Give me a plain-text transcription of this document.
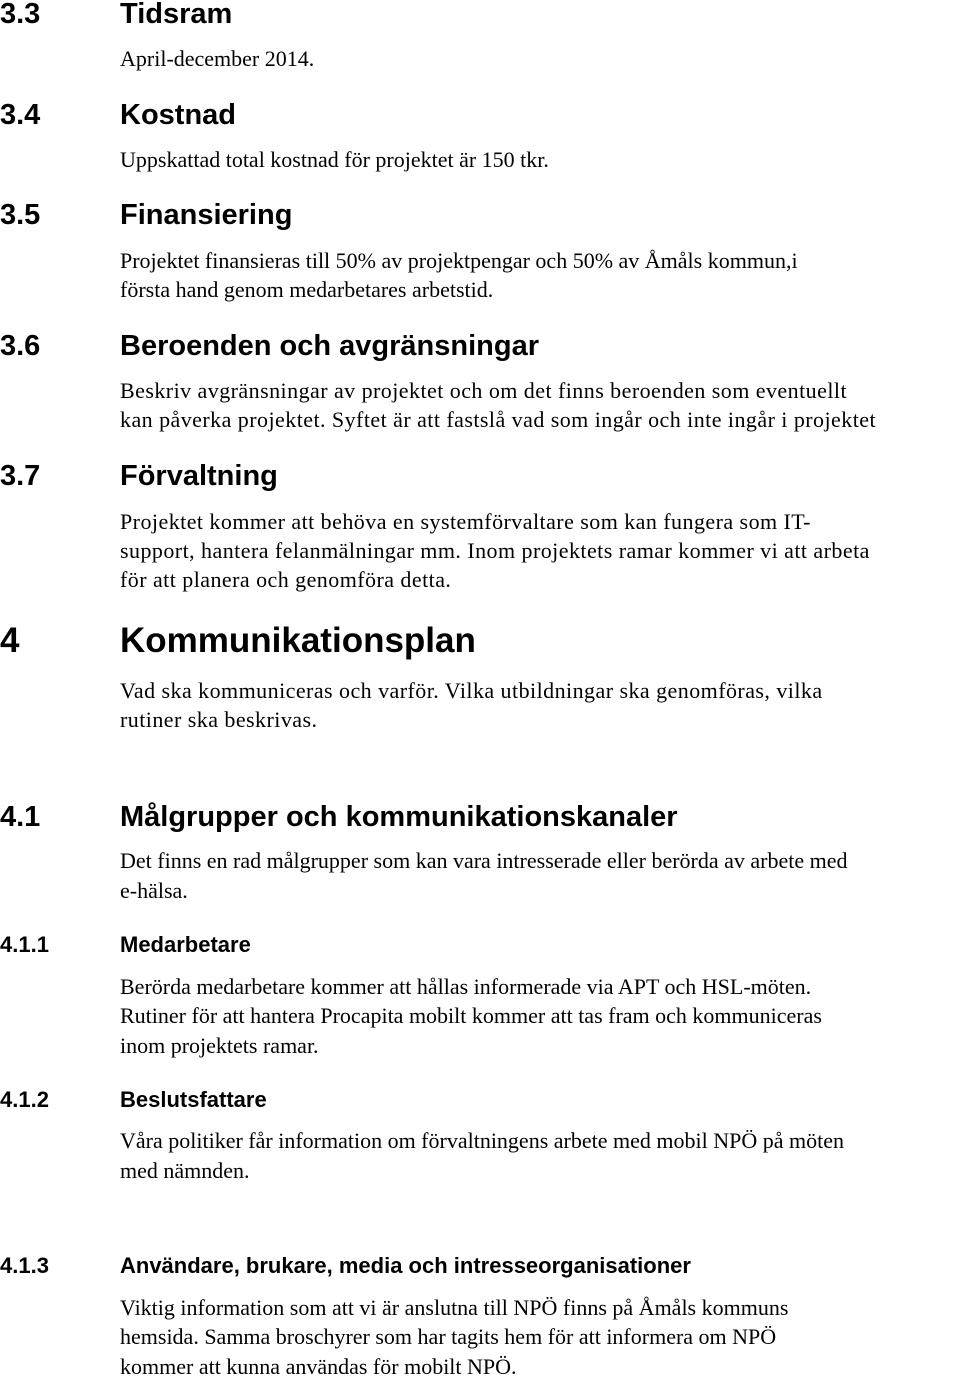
3.3	Tidsram

April-december 2014.

3.4	Kostnad

Uppskattad total kostnad för projektet är 150 tkr.

3.5	Finansiering

Projektet finansieras till 50% av projektpengar och 50% av Åmåls kommun,i

första hand genom medarbetares arbetstid.

3.6	Beroenden och avgränsningar

Beskriv avgränsningar av projektet och om det finns beroenden som eventuellt

kan påverka projektet. Syftet är att fastslå vad som ingår och inte ingår i projektet

3.7	Förvaltning

Projektet kommer att behöva en systemförvaltare som kan fungera som IT-

support, hantera felanmälningar mm. Inom projektets ramar kommer vi att arbeta

för att planera och genomföra detta.

4	Kommunikationsplan

Vad ska kommuniceras och varför. Vilka utbildningar ska genomföras, vilka

rutiner ska beskrivas.

4.1	Målgrupper och kommunikationskanaler

Det finns en rad målgrupper som kan vara intresserade eller berörda av arbete med

e-hälsa.

4.1.1	Medarbetare

Berörda medarbetare kommer att hållas informerade via APT och HSL-möten.

Rutiner för att hantera Procapita mobilt kommer att tas fram och kommuniceras

inom projektets ramar.

4.1.2	Beslutsfattare

Våra politiker får information om förvaltningens arbete med mobil NPÖ på möten

med nämnden.

4.1.3	Användare, brukare, media och intresseorganisationer

Viktig information som att vi är anslutna till NPÖ finns på Åmåls kommuns

hemsida. Samma broschyrer som har tagits hem för att informera om NPÖ

kommer att kunna användas för mobilt NPÖ.
